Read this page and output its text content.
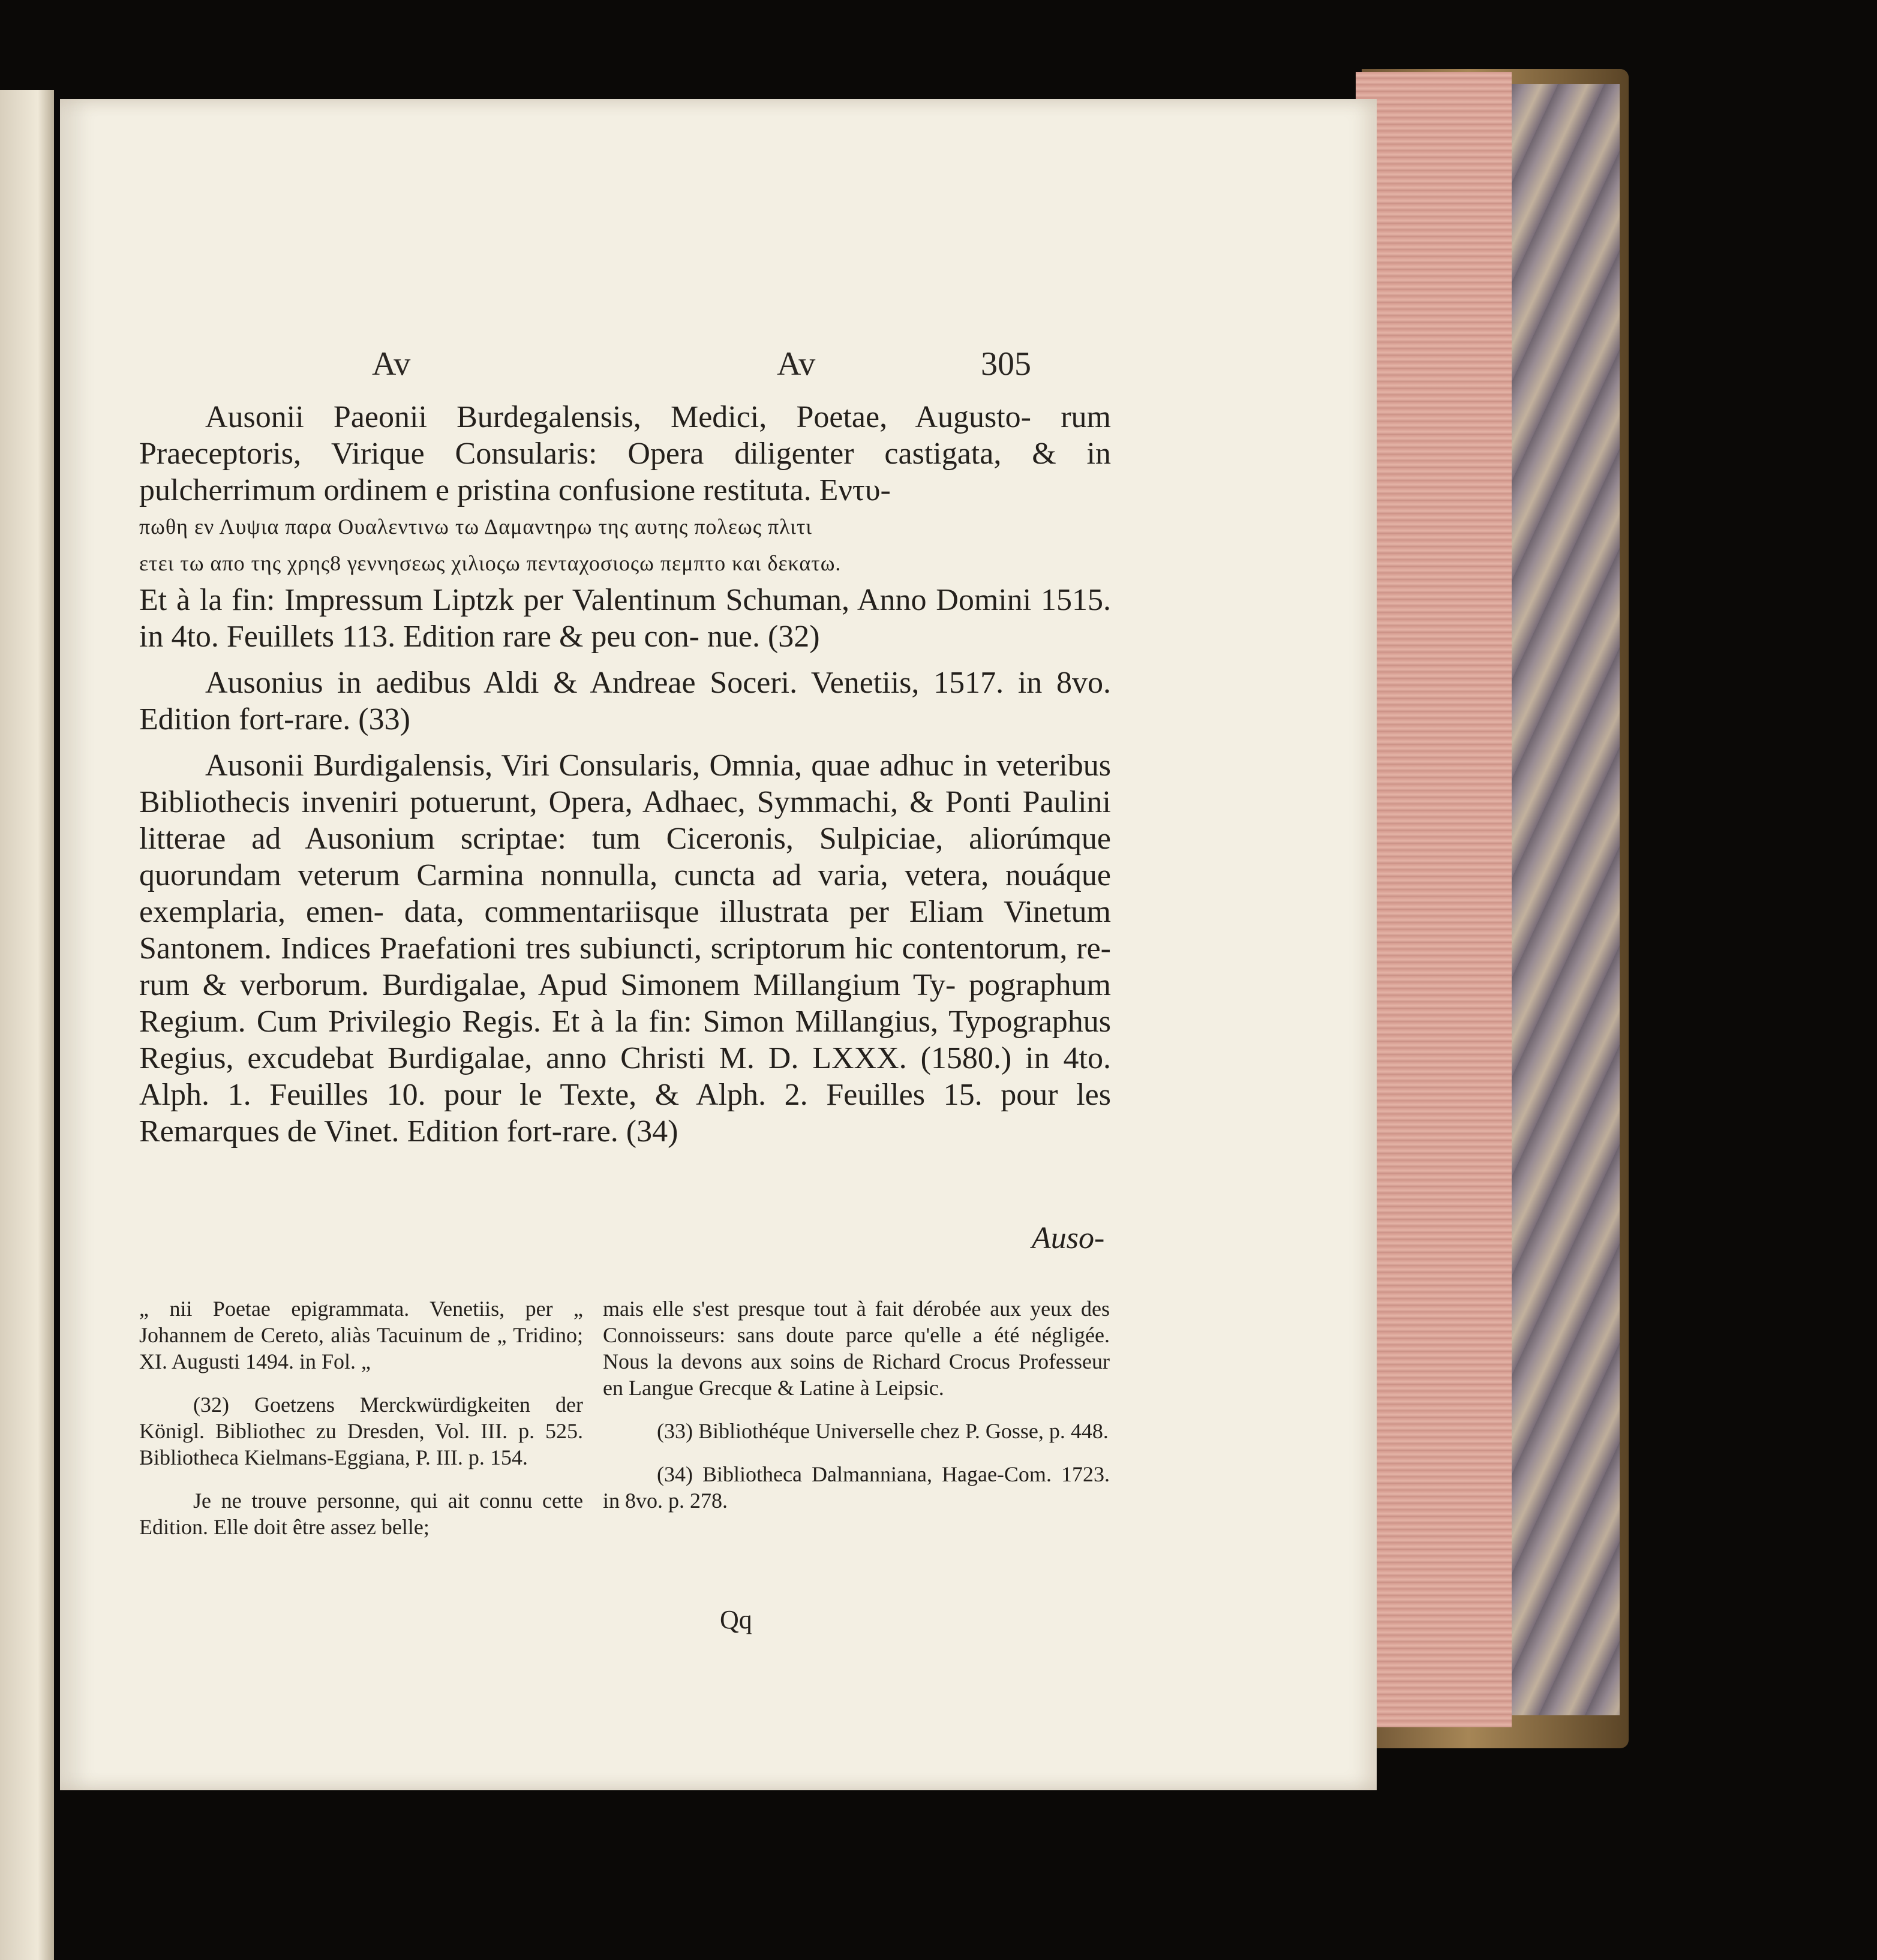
Av	Av	305

Ausonii Paeonii Burdegalensis, Medici, Poetae, Augusto- rum Praeceptoris, Virique Consularis: Opera diligenter castigata, & in pulcherrimum ordinem e pristina confusione restituta. Εντυ-
πωθη εν Λυψια παρα Ουαλεντινω τω Δαμαντηρω της αυτης πολεως πλιτι
ετει τω απο της χρης8 γεννησεως χιλιοςω πενταχοσιοςω πεμπτο και δεκατω.
Et à la fin: Impressum Liptzk per Valentinum Schuman, Anno Domini 1515. in 4to. Feuillets 113. Edition rare & peu con- nue. (32)

Ausonius in aedibus Aldi & Andreae Soceri. Venetiis, 1517. in 8vo. Edition fort-rare. (33)

Ausonii Burdigalensis, Viri Consularis, Omnia, quae adhuc in veteribus Bibliothecis inveniri potuerunt, Opera, Adhaec, Symmachi, & Ponti Paulini litterae ad Ausonium scriptae: tum Ciceronis, Sulpiciae, aliorúmque quorundam veterum Carmina nonnulla, cuncta ad varia, vetera, nouáque exemplaria, emen- data, commentariisque illustrata per Eliam Vinetum Santonem. Indices Praefationi tres subiuncti, scriptorum hic contentorum, re- rum & verborum. Burdigalae, Apud Simonem Millangium Ty- pographum Regium. Cum Privilegio Regis. Et à la fin: Simon Millangius, Typographus Regius, excudebat Burdigalae, anno Christi M. D. LXXX. (1580.) in 4to. Alph. 1. Feuilles 10. pour le Texte, & Alph. 2. Feuilles 15. pour les Remarques de Vinet. Edition fort-rare. (34)

Auso-

„ nii Poetae epigrammata. Venetiis, per „ Johannem de Cereto, aliàs Tacuinum de „ Tridino; XI. Augusti 1494. in Fol. „

(32) Goetzens Merckwürdigkeiten der Königl. Bibliothec zu Dresden, Vol. III. p. 525. Bibliotheca Kielmans-Eggiana, P. III. p. 154.

Je ne trouve personne, qui ait connu cette Edition. Elle doit être assez belle;

mais elle s'est presque tout à fait dérobée aux yeux des Connoisseurs: sans doute parce qu'elle a été négligée. Nous la devons aux soins de Richard Crocus Professeur en Langue Grecque & Latine à Leipsic.

(33) Bibliothéque Universelle chez P. Gosse, p. 448.

(34) Bibliotheca Dalmanniana, Hagae-Com. 1723. in 8vo. p. 278.

Qq
